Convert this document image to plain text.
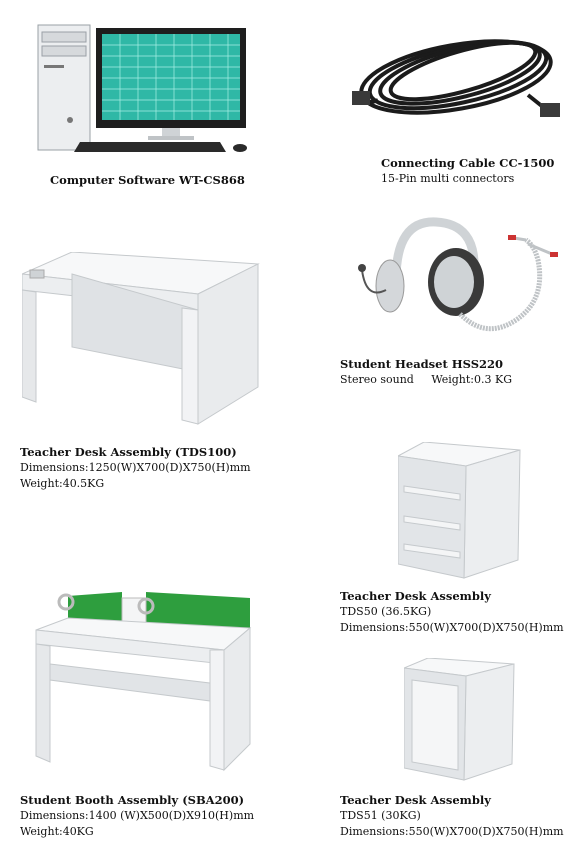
Computer Software WT-CS868
Connecting Cable CC-1500
15-Pin multi connectors
Teacher Desk Assembly (TDS100)
Dimensions:1250(W)X700(D)X750(H)mm
Weight:40.5KG
Student Headset HSS220
Stereo sound     Weight:0.3 KG
Teacher Desk Assembly
TDS50 (36.5KG)
Dimensions:550(W)X700(D)X750(H)mm
Student Booth Assembly (SBA200)
Dimensions:1400 (W)X500(D)X910(H)mm
Weight:40KG
Teacher Desk Assembly
TDS51 (30KG)
Dimensions:550(W)X700(D)X750(H)mm
